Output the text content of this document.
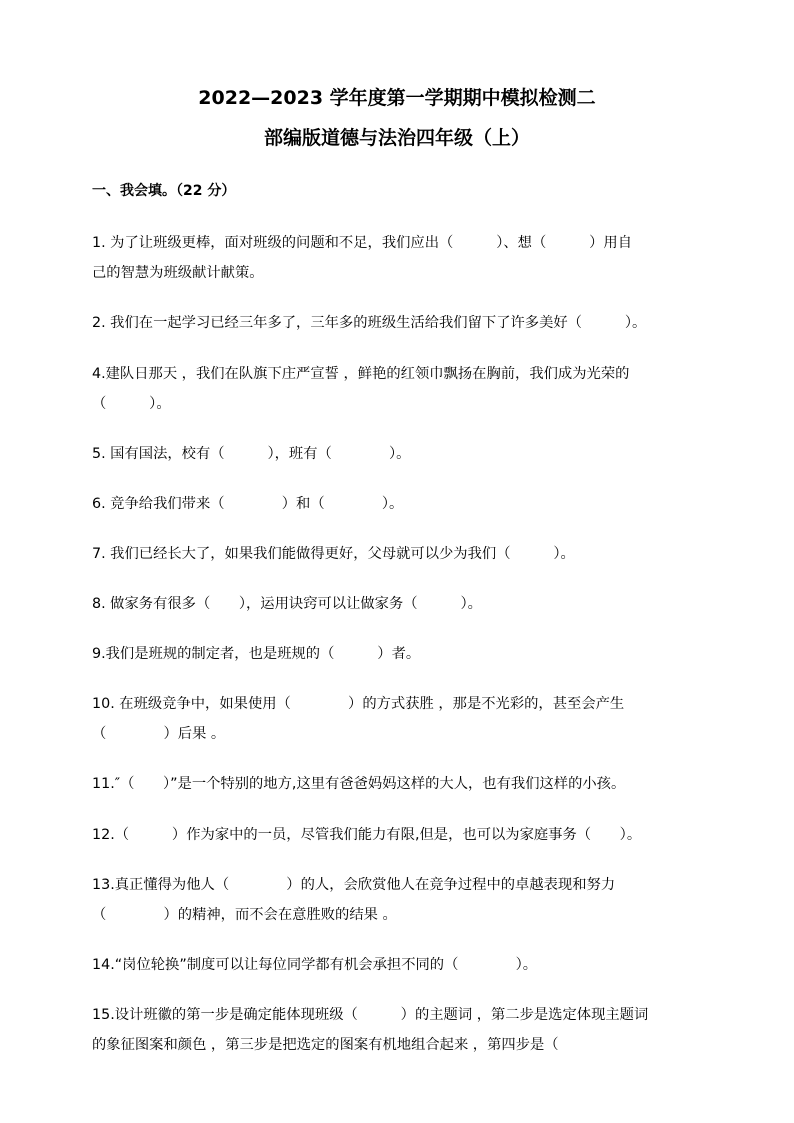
2022—2023 学年度第一学期期中模拟检测二
部编版道德与法治四年级（上）
一、我会填。（22 分）
1. 为了让班级更棒，面对班级的问题和不足，我们应出（　　　）、想（　　　）用自
己的智慧为班级献计献策。
2. 我们在一起学习已经三年多了，三年多的班级生活给我们留下了许多美好（　　　）。
4.建队日那天 ，我们在队旗下庄严宣誓 ，鲜艳的红领巾飘扬在胸前，我们成为光荣的
（　　　）。
5. 国有国法，校有（　　　），班有（　　　　）。
6. 竞争给我们带来（　　　　）和（　　　　）。
7. 我们已经长大了，如果我们能做得更好，父母就可以少为我们（　　　）。
8. 做家务有很多（　　），运用诀窍可以让做家务（　　　）。
9.我们是班规的制定者，也是班规的（　　　）者。
10. 在班级竞争中，如果使用（　　　　）的方式获胜 ，那是不光彩的，甚至会产生
（　　　　）后果 。
11.″（　　）”是一个特别的地方,这里有爸爸妈妈这样的大人，也有我们这样的小孩。
12.（　　　）作为家中的一员，尽管我们能力有限,但是，也可以为家庭事务（　　）。
13.真正懂得为他人（　　　　）的人，会欣赏他人在竞争过程中的卓越表现和努力
（　　　　）的精神，而不会在意胜败的结果 。
14.“岗位轮换”制度可以让每位同学都有机会承担不同的（　　　　）。
15.设计班徽的第一步是确定能体现班级（　　　）的主题词 ，第二步是选定体现主题词
的象征图案和颜色 ，第三步是把选定的图案有机地组合起来 ，第四步是（
